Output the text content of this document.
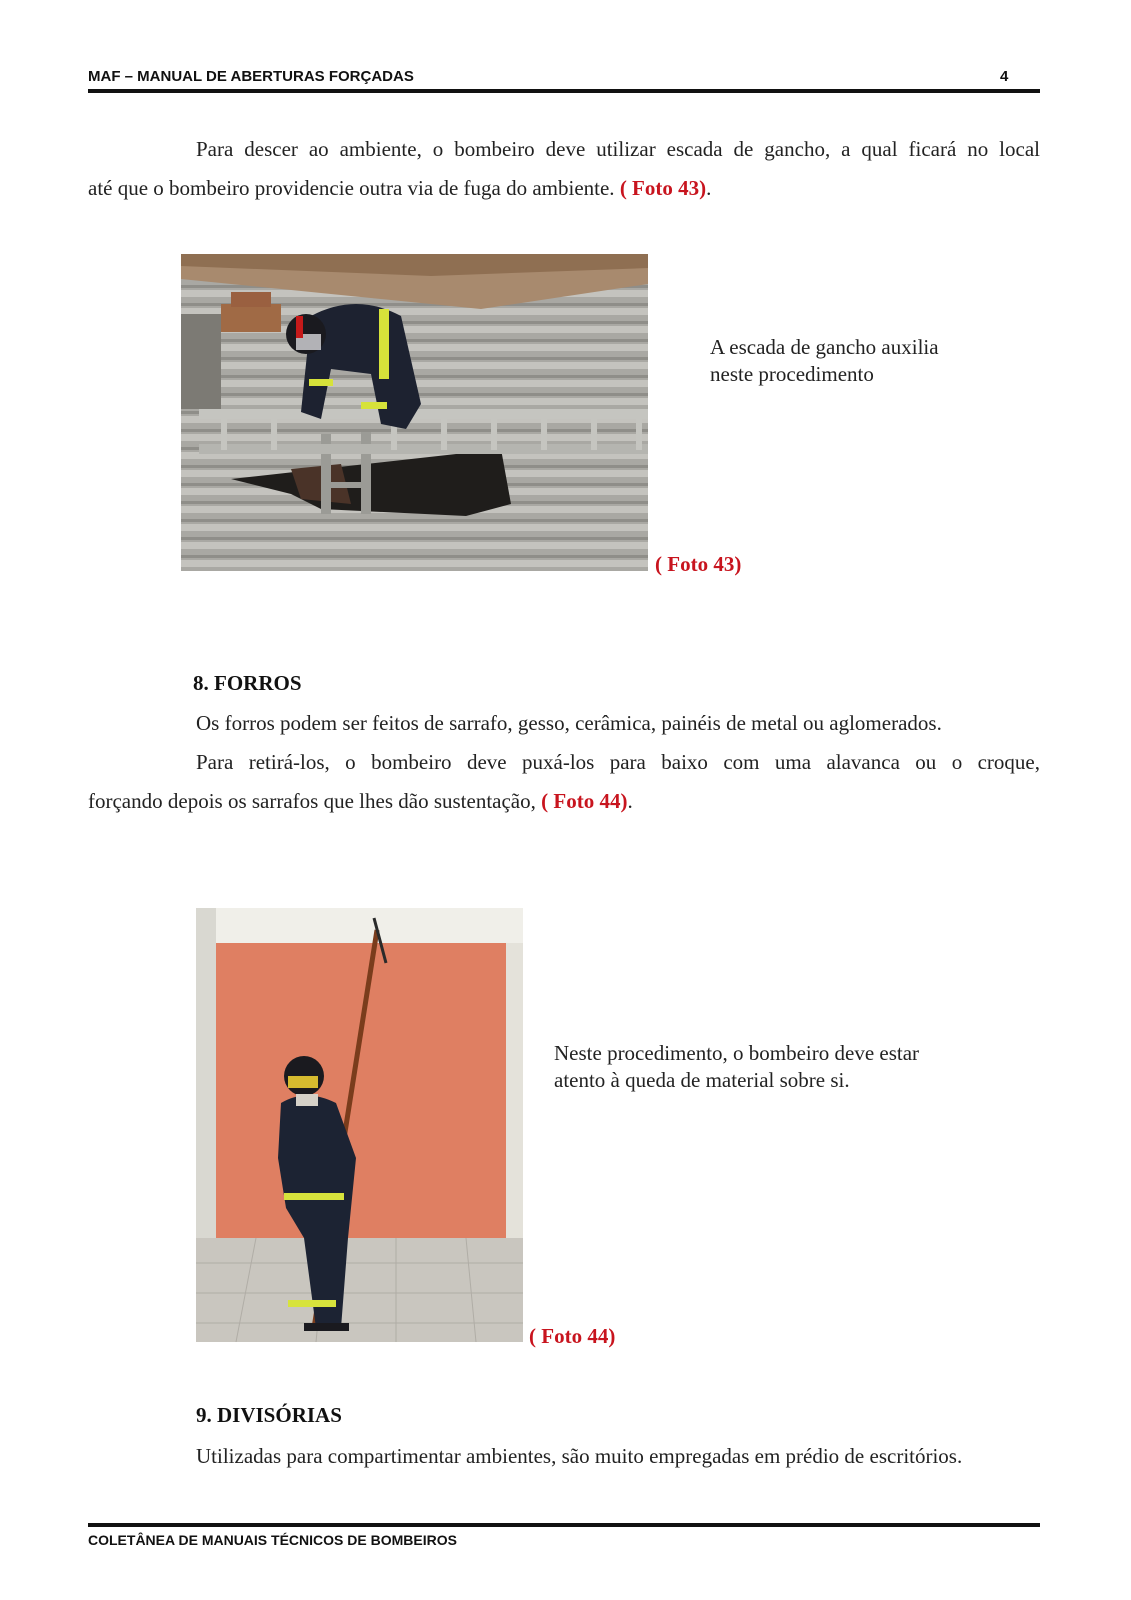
MAF – MANUAL DE ABERTURAS FORÇADAS	4
Para descer ao ambiente, o bombeiro deve utilizar escada de gancho, a qual ficará no local
até que o bombeiro providencie outra via de fuga do ambiente. ( Foto 43).
A escada de gancho auxilia
neste procedimento
( Foto 43)
8. FORROS
Os forros podem ser feitos de sarrafo, gesso, cerâmica, painéis de metal ou aglomerados.
Para retirá-los, o bombeiro deve puxá-los para baixo com uma alavanca ou o croque,
forçando depois os sarrafos que lhes dão sustentação, ( Foto 44).
Neste procedimento, o bombeiro deve estar
atento à queda de material sobre si.
( Foto 44)
9. DIVISÓRIAS
Utilizadas para compartimentar ambientes, são muito empregadas em prédio de escritórios.
COLETÂNEA DE MANUAIS TÉCNICOS DE BOMBEIROS
